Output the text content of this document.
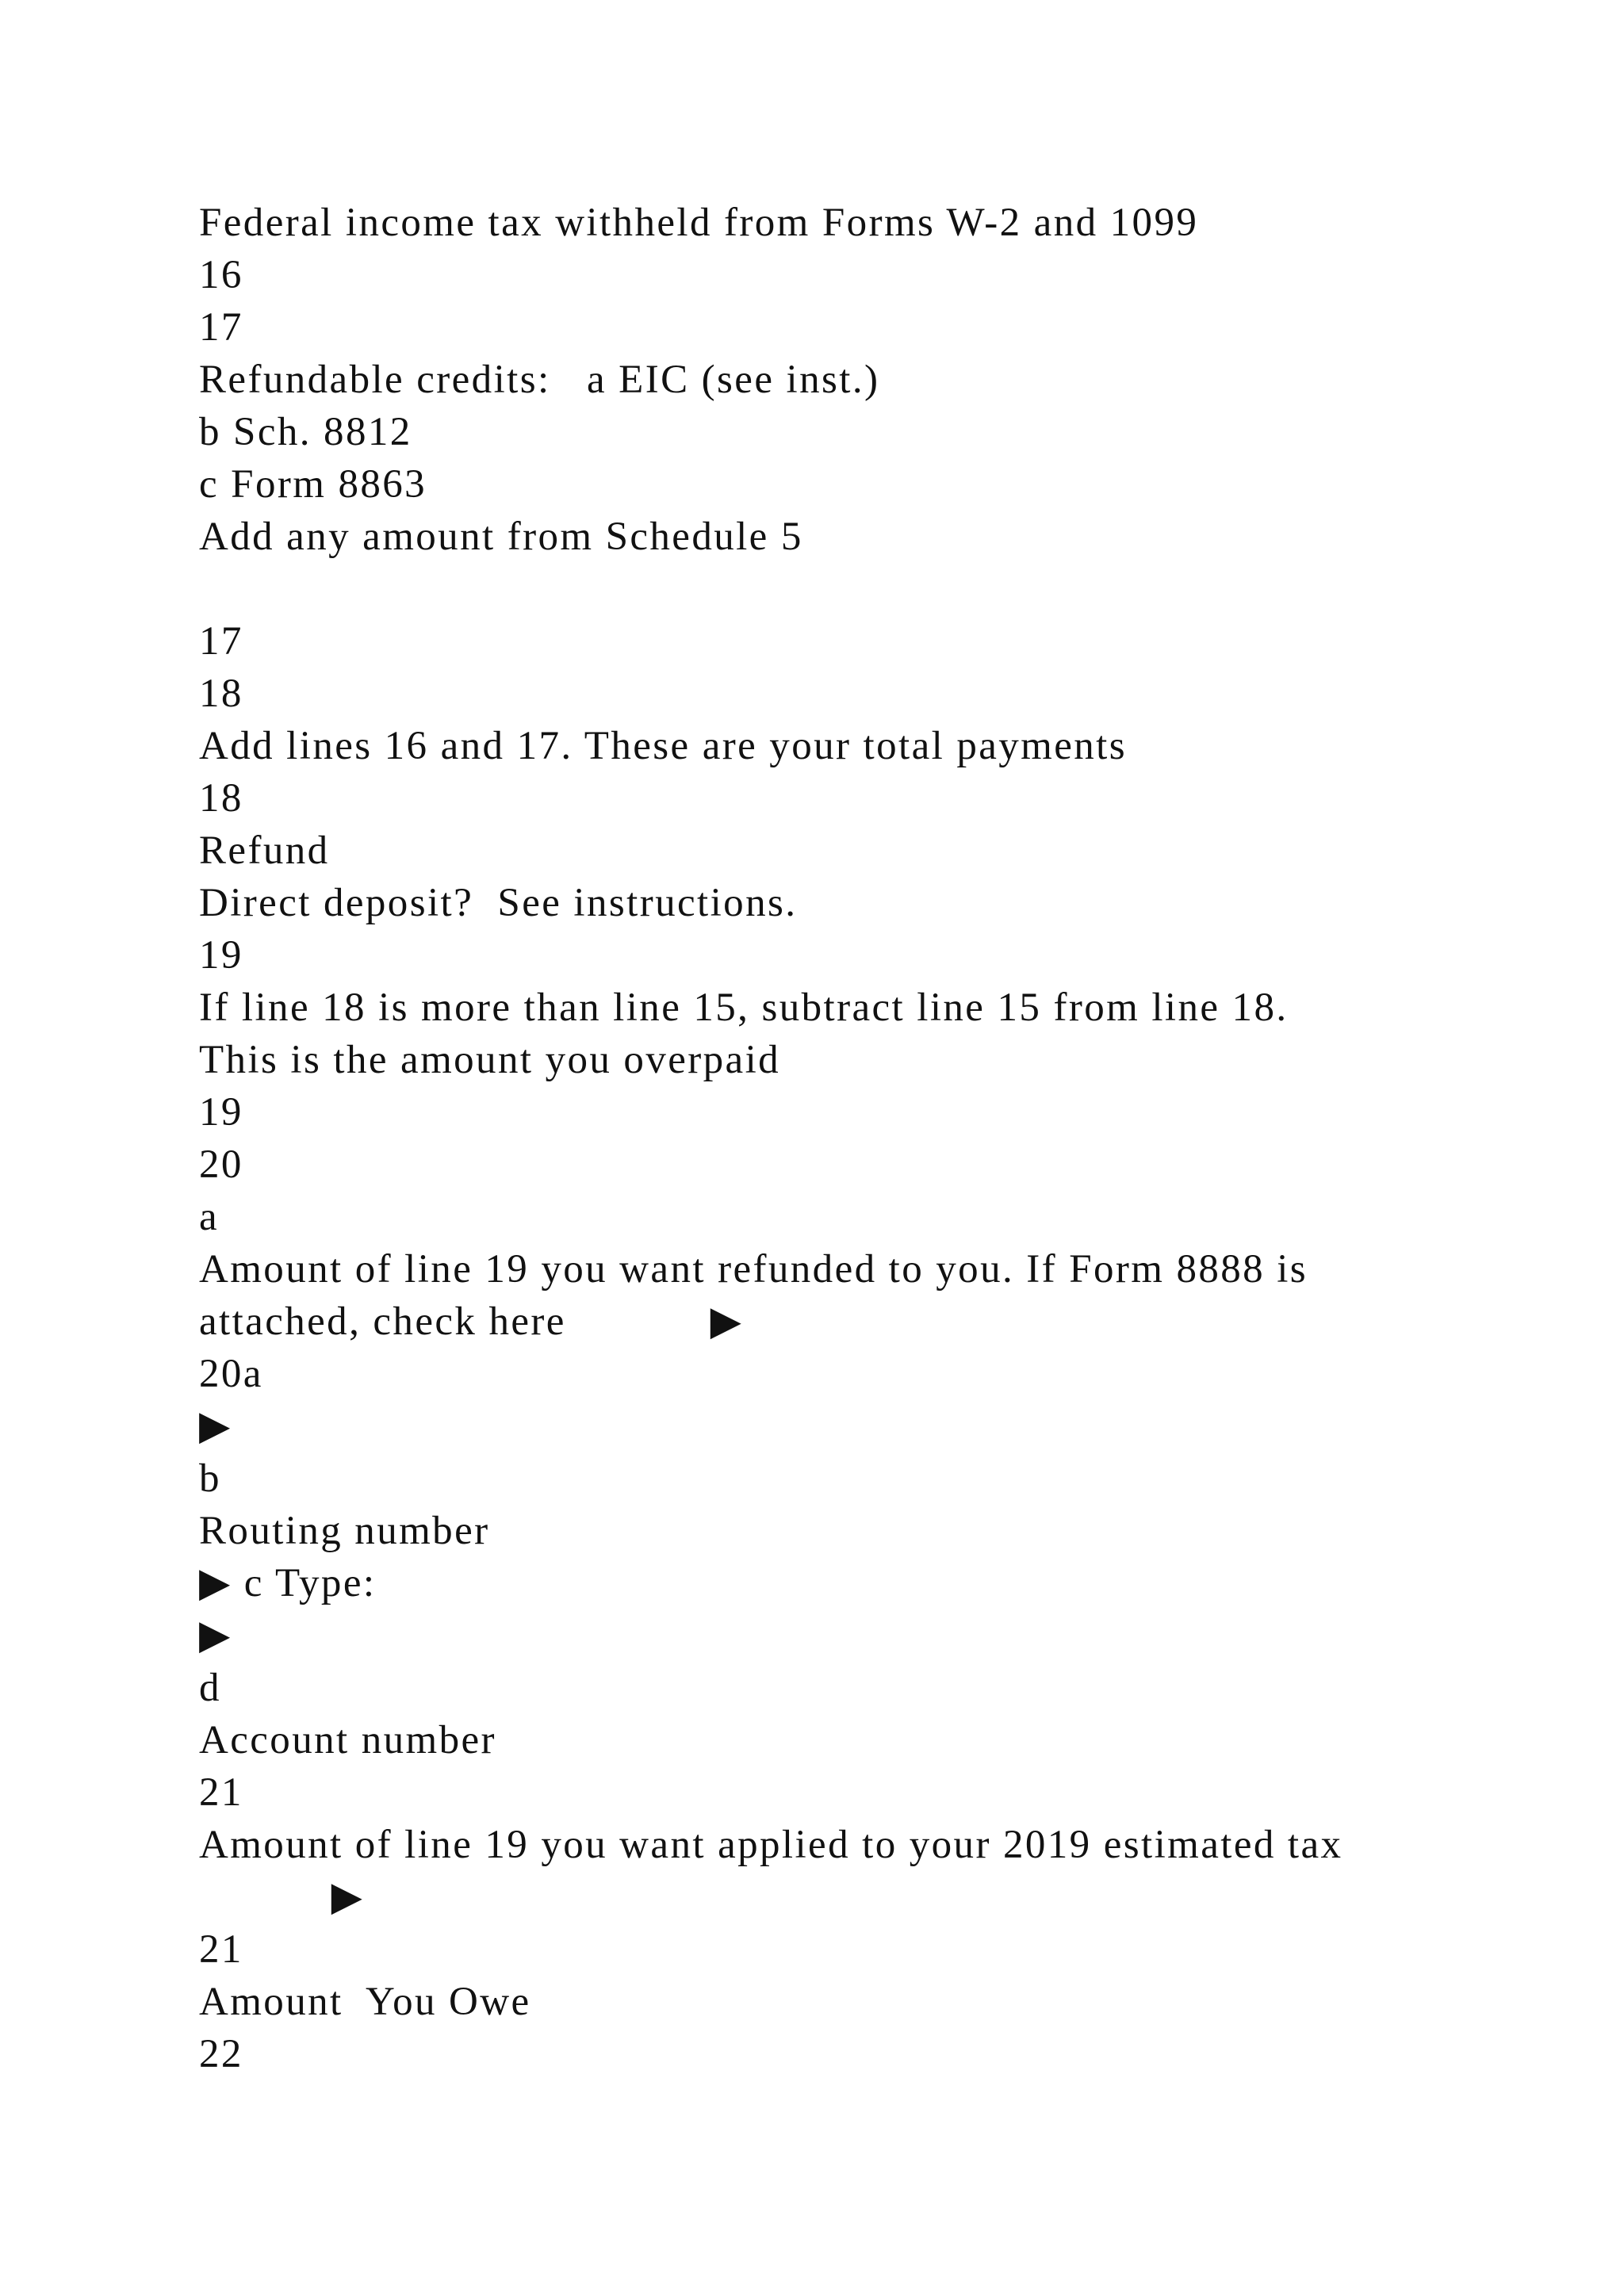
Federal income tax withheld from Forms W-2 and 1099
16
17
Refundable credits:   a EIC (see inst.)
b Sch. 8812
c Form 8863
Add any amount from Schedule 5
17
18
Add lines 16 and 17. These are your total payments
18
Refund
Direct deposit?  See instructions.
19
If line 18 is more than line 15, subtract line 15 from line 18.
This is the amount you overpaid
19
20
a
Amount of line 19 you want refunded to you. If Form 8888 is
attached, check here            ▶
20a
▶
b
Routing number
▶ c Type:
▶
d
Account number
21
Amount of line 19 you want applied to your 2019 estimated tax
▶
21
Amount  You Owe
22
